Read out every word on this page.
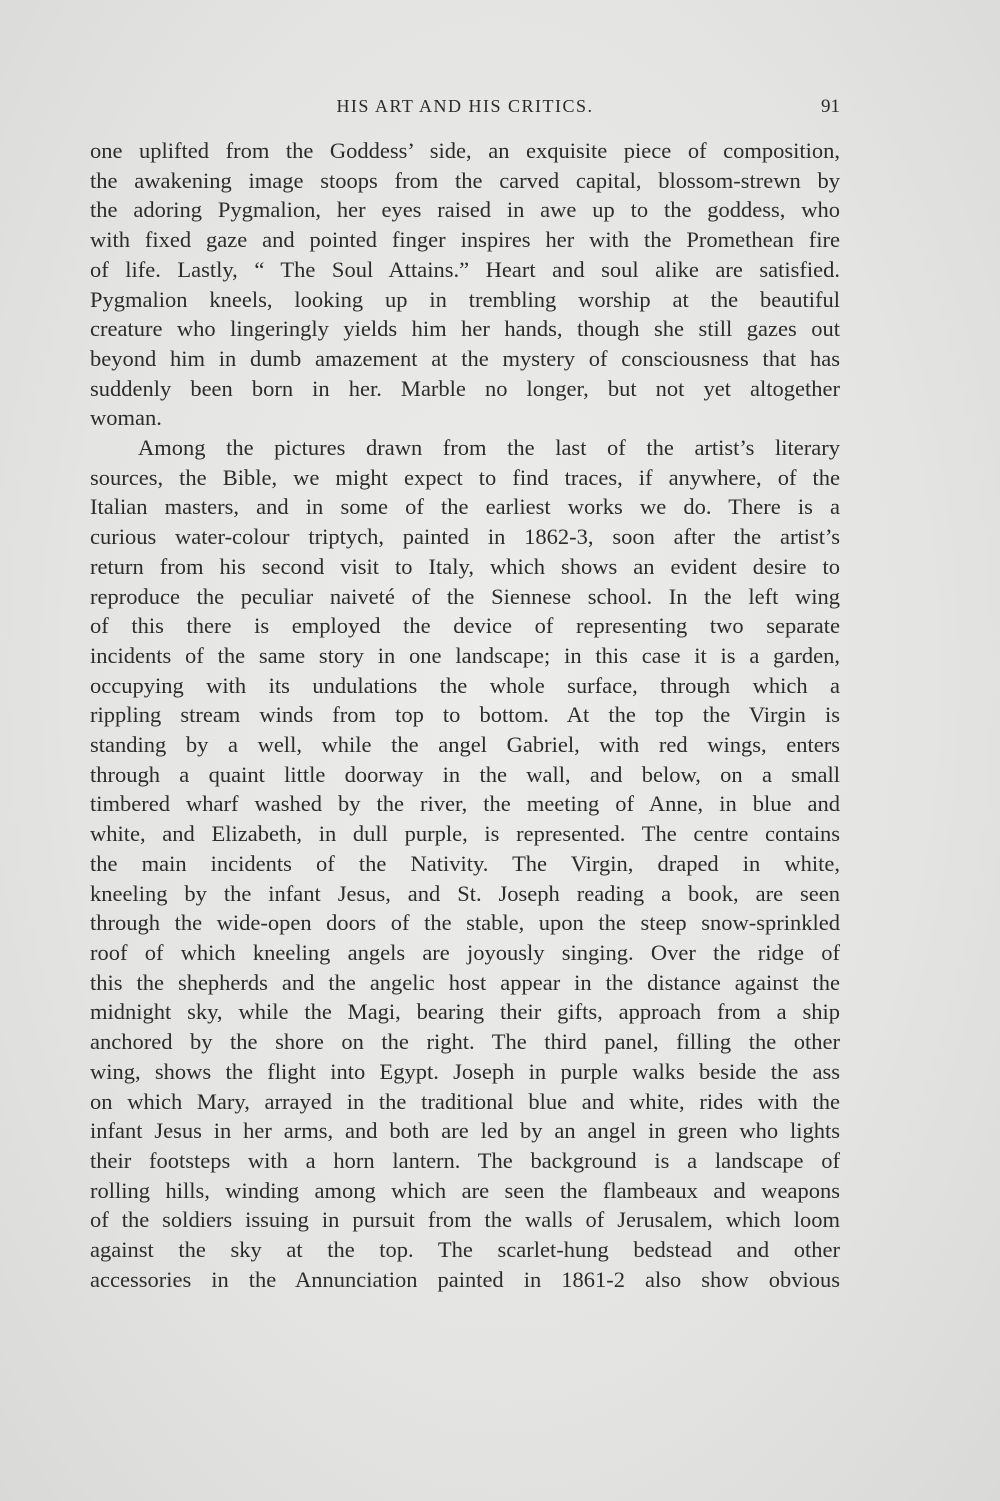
HIS ART AND HIS CRITICS.	91

one uplifted from the Goddess’ side, an exquisite piece of composition,

the awakening image stoops from the carved capital, blossom-strewn by

the adoring Pygmalion, her eyes raised in awe up to the goddess, who

with fixed gaze and pointed finger inspires her with the Promethean fire

of life. Lastly, “ The Soul Attains.” Heart and soul alike are satisfied.

Pygmalion kneels, looking up in trembling worship at the beautiful

creature who lingeringly yields him her hands, though she still gazes out

beyond him in dumb amazement at the mystery of consciousness that has

suddenly been born in her. Marble no longer, but not yet altogether

woman.

Among the pictures drawn from the last of the artist’s literary

sources, the Bible, we might expect to find traces, if anywhere, of the

Italian masters, and in some of the earliest works we do. There is a

curious water-colour triptych, painted in 1862-3, soon after the artist’s

return from his second visit to Italy, which shows an evident desire to

reproduce the peculiar naiveté of the Siennese school. In the left wing

of this there is employed the device of representing two separate

incidents of the same story in one landscape; in this case it is a garden,

occupying with its undulations the whole surface, through which a

rippling stream winds from top to bottom. At the top the Virgin is

standing by a well, while the angel Gabriel, with red wings, enters

through a quaint little doorway in the wall, and below, on a small

timbered wharf washed by the river, the meeting of Anne, in blue and

white, and Elizabeth, in dull purple, is represented. The centre contains

the main incidents of the Nativity. The Virgin, draped in white,

kneeling by the infant Jesus, and St. Joseph reading a book, are seen

through the wide-open doors of the stable, upon the steep snow-sprinkled

roof of which kneeling angels are joyously singing. Over the ridge of

this the shepherds and the angelic host appear in the distance against the

midnight sky, while the Magi, bearing their gifts, approach from a ship

anchored by the shore on the right. The third panel, filling the other

wing, shows the flight into Egypt. Joseph in purple walks beside the ass

on which Mary, arrayed in the traditional blue and white, rides with the

infant Jesus in her arms, and both are led by an angel in green who lights

their footsteps with a horn lantern. The background is a landscape of

rolling hills, winding among which are seen the flambeaux and weapons

of the soldiers issuing in pursuit from the walls of Jerusalem, which loom

against the sky at the top. The scarlet-hung bedstead and other

accessories in the Annunciation painted in 1861-2 also show obvious
